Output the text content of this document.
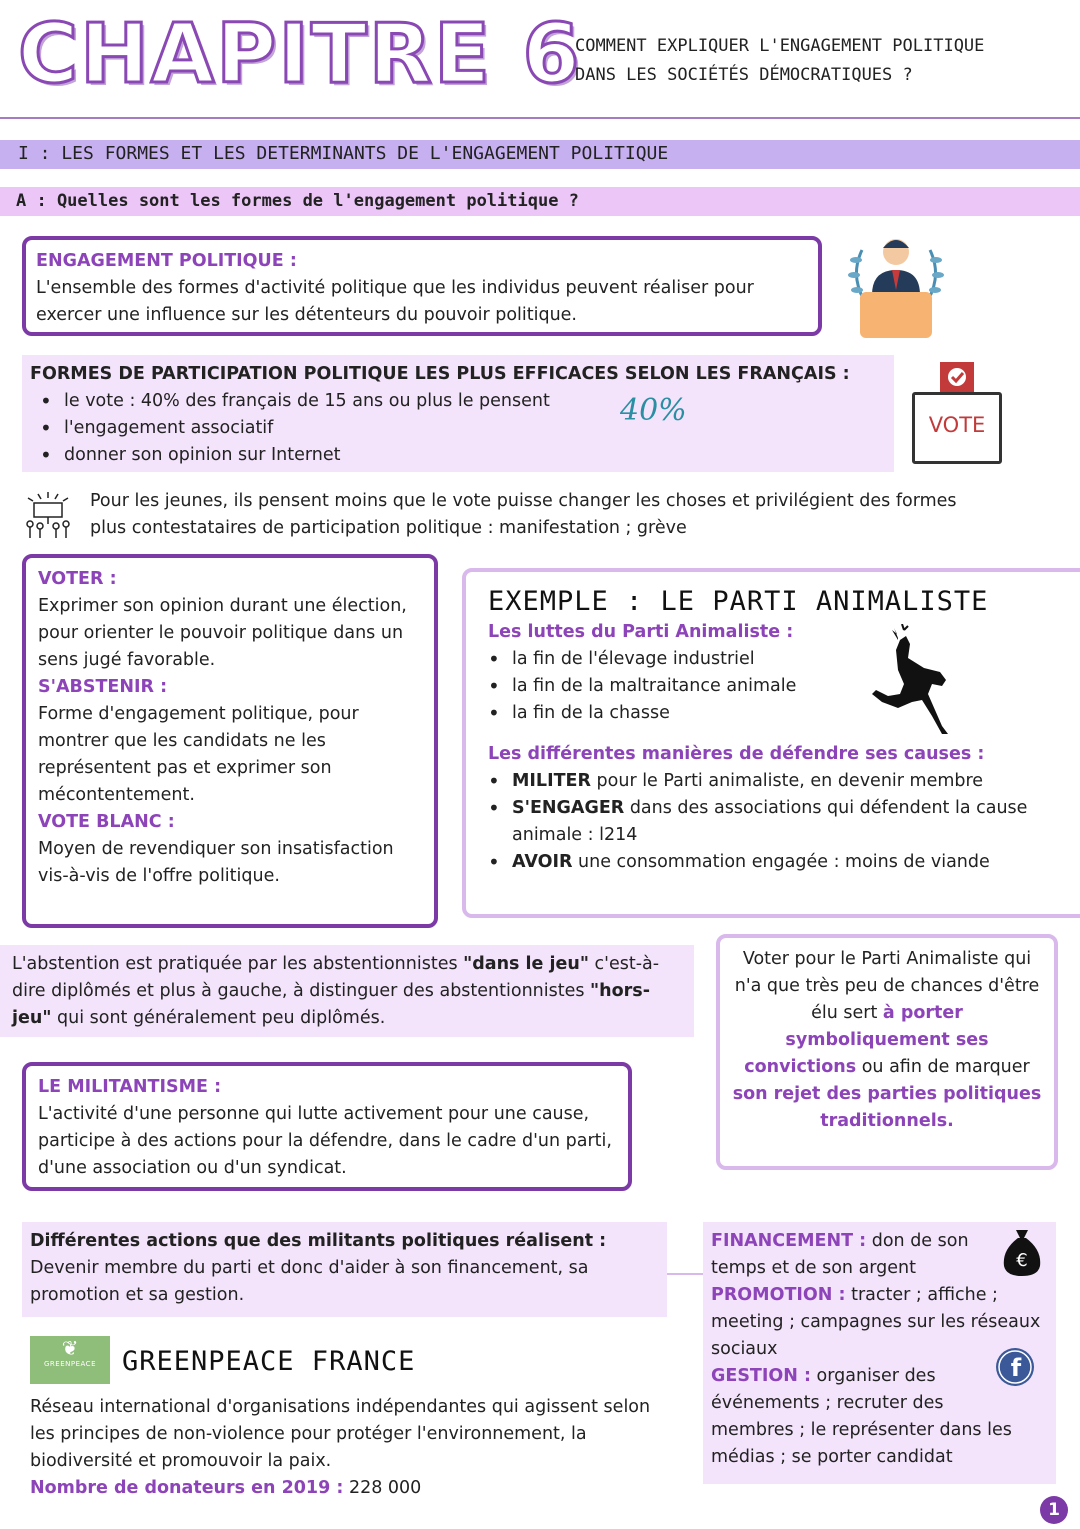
CHAPITRE 6
COMMENT EXPLIQUER L'ENGAGEMENT POLITIQUE
DANS LES SOCIÉTÉS DÉMOCRATIQUES ?
I : LES FORMES ET LES DETERMINANTS DE L'ENGAGEMENT POLITIQUE
A : Quelles sont les formes de l'engagement politique ?
ENGAGEMENT POLITIQUE :
L'ensemble des formes d'activité politique que les individus peuvent réaliser pour exercer une influence sur les détenteurs du pouvoir politique.
FORMES DE PARTICIPATION POLITIQUE LES PLUS EFFICACES SELON LES FRANÇAIS :
• le vote : 40% des français de 15 ans ou plus le pensent
• l'engagement associatif
• donner son opinion sur Internet
40%	VOTE
Pour les jeunes, ils pensent moins que le vote puisse changer les choses et privilégient des formes plus contestataires de participation politique : manifestation ; grève
VOTER :
Exprimer son opinion durant une élection, pour orienter le pouvoir politique dans un sens jugé favorable.
S'ABSTENIR :
Forme d'engagement politique, pour montrer que les candidats ne les représentent pas et exprimer son mécontentement.
VOTE BLANC :
Moyen de revendiquer son insatisfaction vis-à-vis de l'offre politique.
EXEMPLE : LE PARTI ANIMALISTE
Les luttes du Parti Animaliste :
• la fin de l'élevage industriel
• la fin de la maltraitance animale
• la fin de la chasse
Les différentes manières de défendre ses causes :
• MILITER pour le Parti animaliste, en devenir membre
• S'ENGAGER dans des associations qui défendent la cause animale : l214
• AVOIR une consommation engagée : moins de viande
L'abstention est pratiquée par les abstentionnistes "dans le jeu" c'est-à-dire diplômés et plus à gauche, à distinguer des abstentionnistes "hors-jeu" qui sont généralement peu diplômés.
Voter pour le Parti Animaliste qui n'a que très peu de chances d'être élu sert à porter symboliquement ses convictions ou afin de marquer son rejet des parties politiques traditionnels.
LE MILITANTISME :
L'activité d'une personne qui lutte activement pour une cause, participe à des actions pour la défendre, dans le cadre d'un parti, d'une association ou d'un syndicat.
Différentes actions que des militants politiques réalisent :
Devenir membre du parti et donc d'aider à son financement, sa promotion et sa gestion.
❦
GREENPEACE GREENPEACE FRANCE
Réseau international d'organisations indépendantes qui agissent selon les principes de non-violence pour protéger l'environnement, la biodiversité et promouvoir la paix.
Nombre de donateurs en 2019 : 228 000
FINANCEMENT : don de son temps et de son argent
PROMOTION : tracter ; affiche ; meeting ; campagnes sur les réseaux sociaux
GESTION : organiser des événements ; recruter des membres ; le représenter dans les médias ; se porter candidat
€
f
1
